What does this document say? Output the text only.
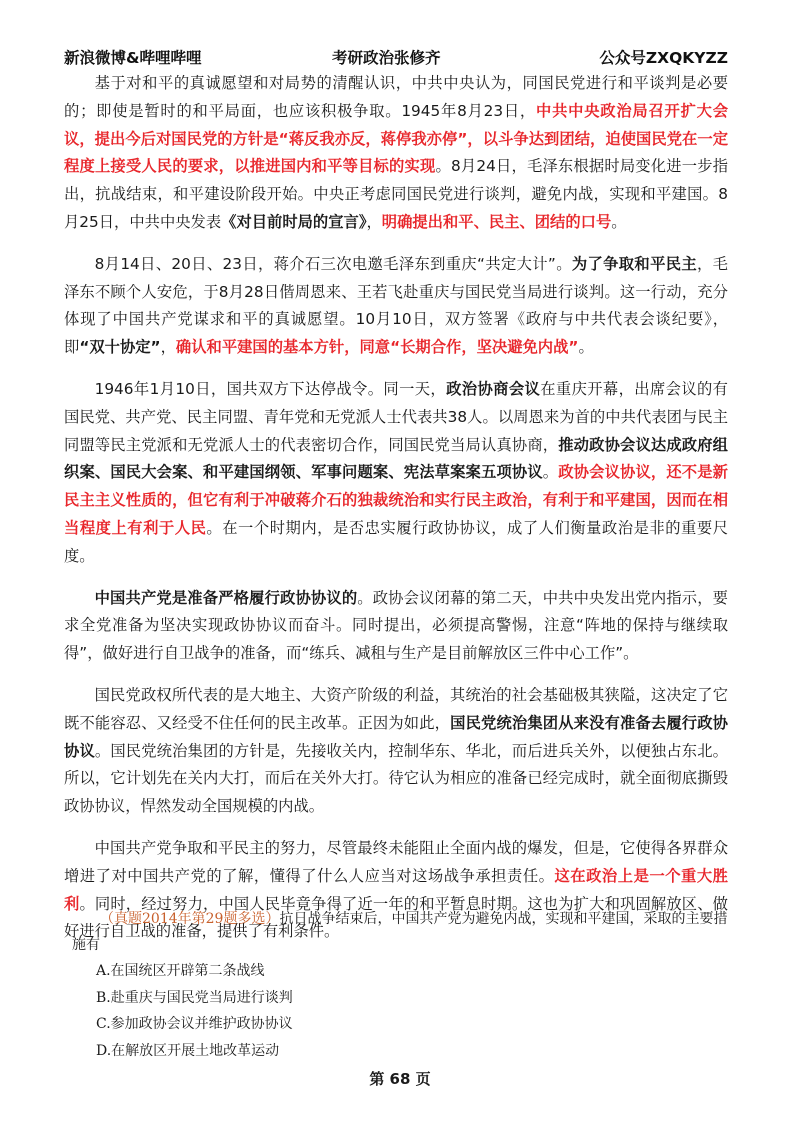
新浪微博&哔哩哔哩	考研政治张修齐	公众号ZXQKYZZ

基于对和平的真诚愿望和对局势的清醒认识，中共中央认为，同国民党进行和平谈判是必要的；即使是暂时的和平局面，也应该积极争取。1945年8月23日，中共中央政治局召开扩大会议，提出今后对国民党的方针是“蒋反我亦反，蒋停我亦停”，以斗争达到团结，迫使国民党在一定程度上接受人民的要求，以推进国内和平等目标的实现。8月24日，毛泽东根据时局变化进一步指出，抗战结束，和平建设阶段开始。中央正考虑同国民党进行谈判，避免内战，实现和平建国。8月25日，中共中央发表《对目前时局的宣言》，明确提出和平、民主、团结的口号。

8月14日、20日、23日，蒋介石三次电邀毛泽东到重庆“共定大计”。为了争取和平民主，毛泽东不顾个人安危，于8月28日偕周恩来、王若飞赴重庆与国民党当局进行谈判。这一行动，充分体现了中国共产党谋求和平的真诚愿望。10月10日，双方签署《政府与中共代表会谈纪要》，即“双十协定”，确认和平建国的基本方针，同意“长期合作，坚决避免内战”。

1946年1月10日，国共双方下达停战令。同一天，政治协商会议在重庆开幕，出席会议的有国民党、共产党、民主同盟、青年党和无党派人士代表共38人。以周恩来为首的中共代表团与民主同盟等民主党派和无党派人士的代表密切合作，同国民党当局认真协商，推动政协会议达成政府组织案、国民大会案、和平建国纲领、军事问题案、宪法草案案五项协议。政协会议协议，还不是新民主主义性质的，但它有利于冲破蒋介石的独裁统治和实行民主政治，有利于和平建国，因而在相当程度上有利于人民。在一个时期内，是否忠实履行政协协议，成了人们衡量政治是非的重要尺度。

中国共产党是准备严格履行政协协议的。政协会议闭幕的第二天，中共中央发出党内指示，要求全党准备为坚决实现政协协议而奋斗。同时提出，必须提高警惕，注意“阵地的保持与继续取得”，做好进行自卫战争的准备，而“练兵、减租与生产是目前解放区三件中心工作”。

国民党政权所代表的是大地主、大资产阶级的利益，其统治的社会基础极其狭隘，这决定了它既不能容忍、又经受不住任何的民主改革。正因为如此，国民党统治集团从来没有准备去履行政协协议。国民党统治集团的方针是，先接收关内，控制华东、华北，而后进兵关外，以便独占东北。所以，它计划先在关内大打，而后在关外大打。待它认为相应的准备已经完成时，就全面彻底撕毁政协协议，悍然发动全国规模的内战。

中国共产党争取和平民主的努力，尽管最终未能阻止全面内战的爆发，但是，它使得各界群众增进了对中国共产党的了解，懂得了什么人应当对这场战争承担责任。这在政治上是一个重大胜利。同时，经过努力，中国人民毕竟争得了近一年的和平暂息时期。这也为扩大和巩固解放区、做好进行自卫战的准备，提供了有利条件。

（真题2014年第29题多选）抗日战争结束后，中国共产党为避免内战，实现和平建国，采取的主要措施有

A.在国统区开辟第二条战线

B.赴重庆与国民党当局进行谈判

C.参加政协会议并维护政协协议

D.在解放区开展土地改革运动

第 68 页
